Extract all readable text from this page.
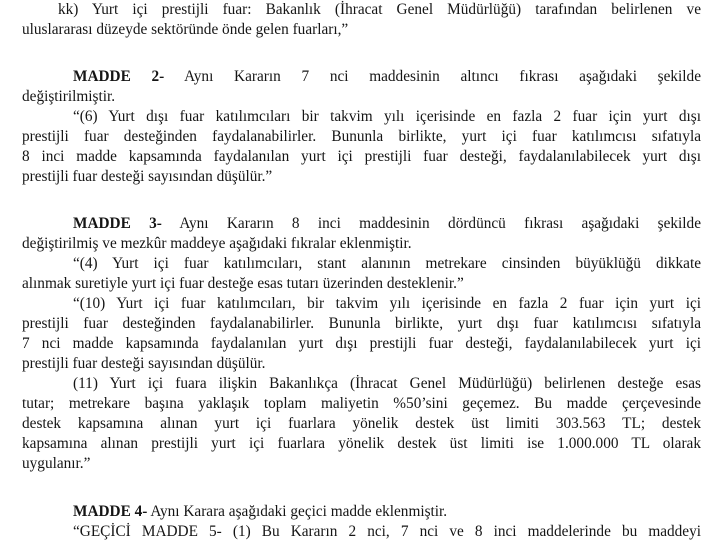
kk) Yurt içi prestijli fuar: Bakanlık (İhracat Genel Müdürlüğü) tarafından belirlenen ve
uluslararası düzeyde sektöründe önde gelen fuarları,”
MADDE 2- Aynı Kararın 7 nci maddesinin altıncı fıkrası aşağıdaki şekilde
değiştirilmiştir.
“(6) Yurt dışı fuar katılımcıları bir takvim yılı içerisinde en fazla 2 fuar için yurt dışı
prestijli fuar desteğinden faydalanabilirler. Bununla birlikte, yurt içi fuar katılımcısı sıfatıyla
8 inci madde kapsamında faydalanılan yurt içi prestijli fuar desteği, faydalanılabilecek yurt dışı
prestijli fuar desteği sayısından düşülür.”
MADDE 3- Aynı Kararın 8 inci maddesinin dördüncü fıkrası aşağıdaki şekilde
değiştirilmiş ve mezkûr maddeye aşağıdaki fıkralar eklenmiştir.
“(4) Yurt içi fuar katılımcıları, stant alanının metrekare cinsinden büyüklüğü dikkate
alınmak suretiyle yurt içi fuar desteğe esas tutarı üzerinden desteklenir.”
“(10) Yurt içi fuar katılımcıları, bir takvim yılı içerisinde en fazla 2 fuar için yurt içi
prestijli fuar desteğinden faydalanabilirler. Bununla birlikte, yurt dışı fuar katılımcısı sıfatıyla
7 nci madde kapsamında faydalanılan yurt dışı prestijli fuar desteği, faydalanılabilecek yurt içi
prestijli fuar desteği sayısından düşülür.
(11) Yurt içi fuara ilişkin Bakanlıkça (İhracat Genel Müdürlüğü) belirlenen desteğe esas
tutar; metrekare başına yaklaşık toplam maliyetin %50’sini geçemez. Bu madde çerçevesinde
destek kapsamına alınan yurt içi fuarlara yönelik destek üst limiti 303.563 TL; destek
kapsamına alınan prestijli yurt içi fuarlara yönelik destek üst limiti ise 1.000.000 TL olarak
uygulanır.”
MADDE 4- Aynı Karara aşağıdaki geçici madde eklenmiştir.
“GEÇİCİ MADDE 5- (1) Bu Kararın 2 nci, 7 nci ve 8 inci maddelerinde bu maddeyi
